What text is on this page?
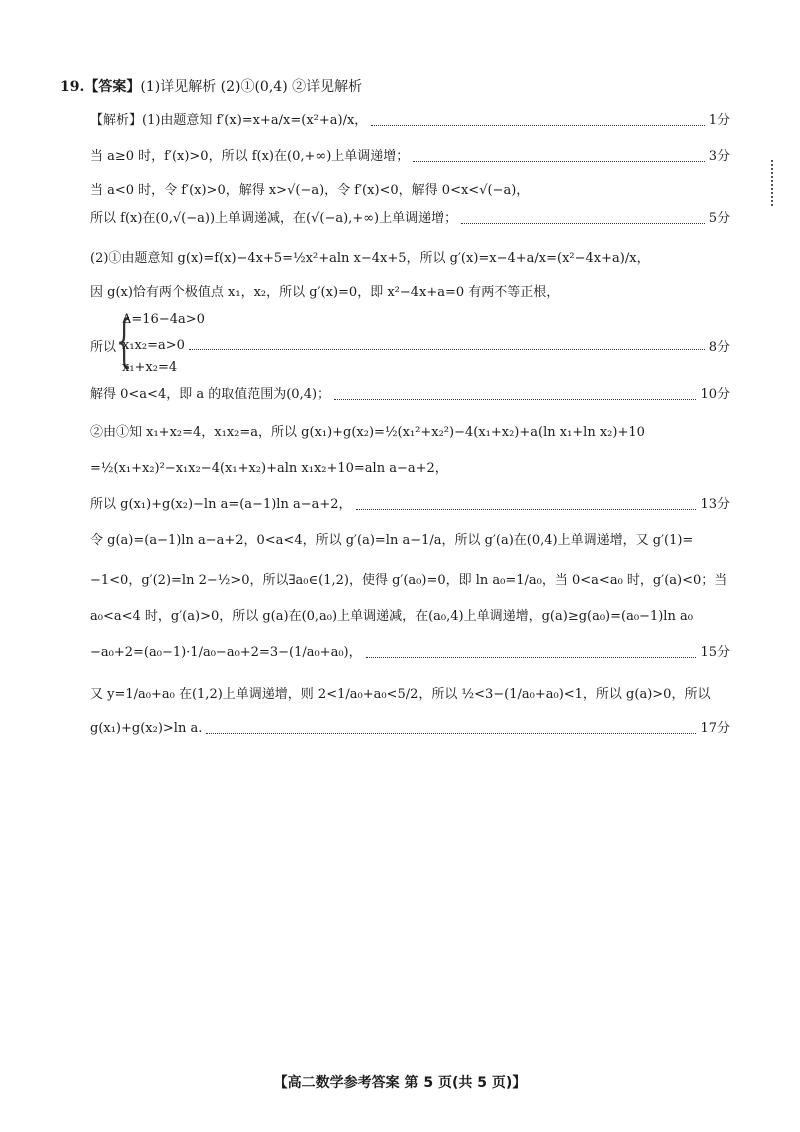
19.【答案】(1)详见解析 (2)①(0,4) ②详见解析
【解析】(1)由题意知 f′(x)=x+a/x=(x²+a)/x，	1分
当 a≥0 时，f′(x)>0，所以 f(x)在(0,+∞)上单调递增；	3分
当 a<0 时，令 f′(x)>0，解得 x>√(−a)，令 f′(x)<0，解得 0<x<√(−a)，
所以 f(x)在(0,√(−a))上单调递减，在(√(−a),+∞)上单调递增；	5分
(2)①由题意知 g(x)=f(x)−4x+5=½x²+aln x−4x+5，所以 g′(x)=x−4+a/x=(x²−4x+a)/x，
因 g(x)恰有两个极值点 x₁，x₂，所以 g′(x)=0，即 x²−4x+a=0 有两不等正根，
所以 {
Δ=16−4a>0
x₁x₂=a>0	8分
x₁+x₂=4
解得 0<a<4，即 a 的取值范围为(0,4)；	10分
②由①知 x₁+x₂=4，x₁x₂=a，所以 g(x₁)+g(x₂)=½(x₁²+x₂²)−4(x₁+x₂)+a(ln x₁+ln x₂)+10
=½(x₁+x₂)²−x₁x₂−4(x₁+x₂)+aln x₁x₂+10=aln a−a+2，
所以 g(x₁)+g(x₂)−ln a=(a−1)ln a−a+2，	13分
令 g(a)=(a−1)ln a−a+2，0<a<4，所以 g′(a)=ln a−1/a，所以 g′(a)在(0,4)上单调递增，又 g′(1)=
−1<0，g′(2)=ln 2−½>0，所以∃a₀∈(1,2)，使得 g′(a₀)=0，即 ln a₀=1/a₀，当 0<a<a₀ 时，g′(a)<0；当
a₀<a<4 时，g′(a)>0，所以 g(a)在(0,a₀)上单调递减，在(a₀,4)上单调递增，g(a)≥g(a₀)=(a₀−1)ln a₀
−a₀+2=(a₀−1)·1/a₀−a₀+2=3−(1/a₀+a₀)，	15分
又 y=1/a₀+a₀ 在(1,2)上单调递增，则 2<1/a₀+a₀<5/2，所以 ½<3−(1/a₀+a₀)<1，所以 g(a)>0，所以
g(x₁)+g(x₂)>ln a.	17分
【高二数学参考答案 第 5 页(共 5 页)】
